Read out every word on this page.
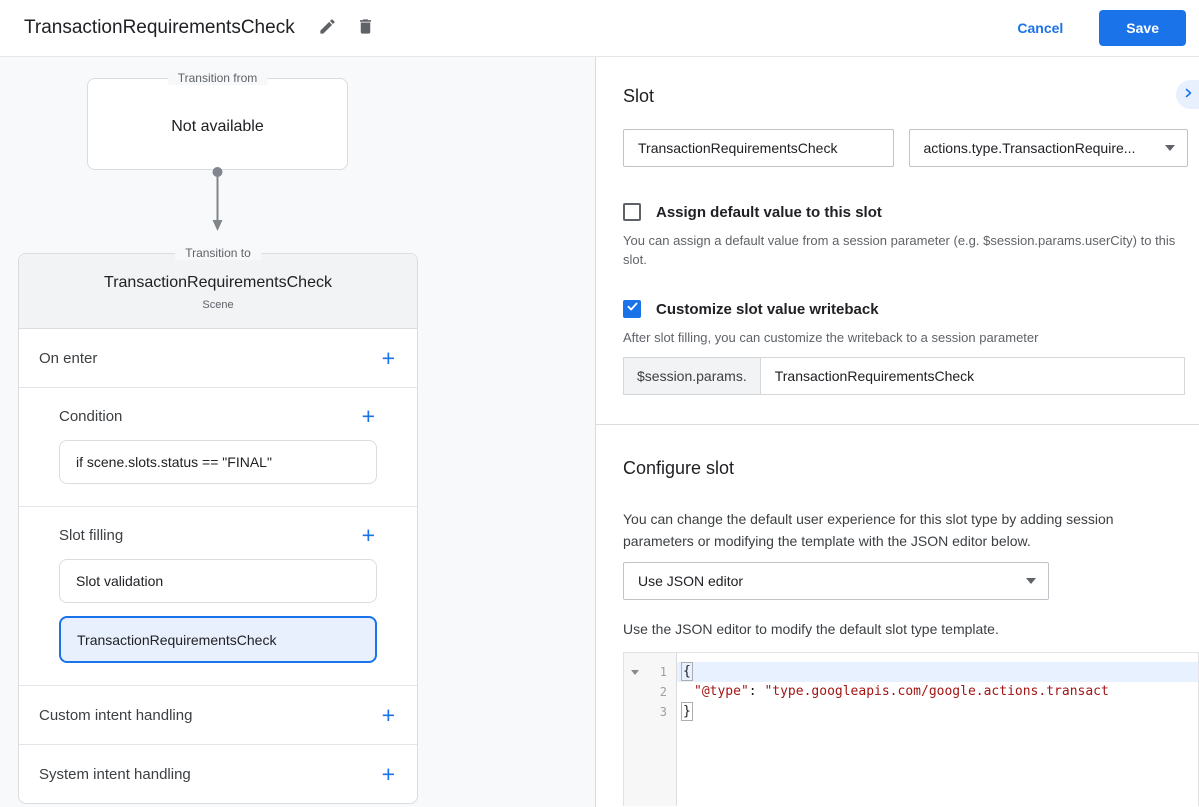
TransactionRequirementsCheck	Cancel	Save
Transition from
Not available
Transition to
TransactionRequirementsCheck
Scene
On enter	+
Condition	+
if scene.slots.status == "FINAL"
Slot filling	+
Slot validation
TransactionRequirementsCheck
Custom intent handling	+
System intent handling	+
Slot
TransactionRequirementsCheck
actions.type.TransactionRequire...
Assign default value to this slot

You can assign a default value from a session parameter (e.g. $session.params.userCity) to this slot.

Customize slot value writeback

After slot filling, you can customize the writeback to a session parameter

$session.params.
TransactionRequirementsCheck
Configure slot

You can change the default user experience for this slot type by adding session parameters or modifying the template with the JSON editor below.

Use JSON editor

Use the JSON editor to modify the default slot type template.

1
2
3
{
"@type": "type.googleapis.com/google.actions.transact
}
